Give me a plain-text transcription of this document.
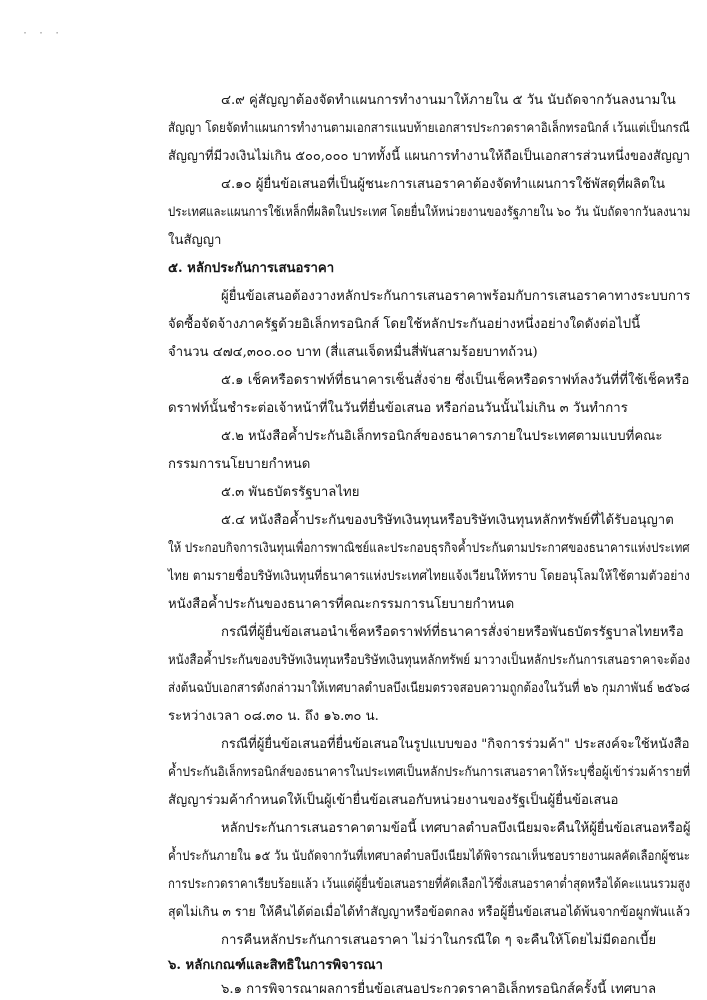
· · ·
๔.๙ คู่สัญญาต้องจัดทำแผนการทำงานมาให้ภายใน ๕ วัน นับถัดจากวันลงนามใน
สัญญา โดยจัดทำแผนการทำงานตามเอกสารแนบท้ายเอกสารประกวดราคาอิเล็กทรอนิกส์ เว้นแต่เป็นกรณี
สัญญาที่มีวงเงินไม่เกิน ๕๐๐,๐๐๐ บาททั้งนี้ แผนการทำงานให้ถือเป็นเอกสารส่วนหนึ่งของสัญญา
๔.๑๐ ผู้ยื่นข้อเสนอที่เป็นผู้ชนะการเสนอราคาต้องจัดทำแผนการใช้พัสดุที่ผลิตใน
ประเทศและแผนการใช้เหล็กที่ผลิตในประเทศ โดยยื่นให้หน่วยงานของรัฐภายใน ๖๐ วัน นับถัดจากวันลงนาม
ในสัญญา
๕. หลักประกันการเสนอราคา
ผู้ยื่นข้อเสนอต้องวางหลักประกันการเสนอราคาพร้อมกับการเสนอราคาทางระบบการ
จัดซื้อจัดจ้างภาครัฐด้วยอิเล็กทรอนิกส์ โดยใช้หลักประกันอย่างหนึ่งอย่างใดดังต่อไปนี้
จำนวน ๔๗๔,๓๐๐.๐๐ บาท (สี่แสนเจ็ดหมื่นสี่พันสามร้อยบาทถ้วน)
๕.๑ เช็คหรือดราฟท์ที่ธนาคารเซ็นสั่งจ่าย ซึ่งเป็นเช็คหรือดราฟท์ลงวันที่ที่ใช้เช็คหรือ
ดราฟท์นั้นชำระต่อเจ้าหน้าที่ในวันที่ยื่นข้อเสนอ หรือก่อนวันนั้นไม่เกิน ๓ วันทำการ
๕.๒ หนังสือค้ำประกันอิเล็กทรอนิกส์ของธนาคารภายในประเทศตามแบบที่คณะ
กรรมการนโยบายกำหนด
๕.๓ พันธบัตรรัฐบาลไทย
๕.๔ หนังสือค้ำประกันของบริษัทเงินทุนหรือบริษัทเงินทุนหลักทรัพย์ที่ได้รับอนุญาต
ให้ ประกอบกิจการเงินทุนเพื่อการพาณิชย์และประกอบธุรกิจค้ำประกันตามประกาศของธนาคารแห่งประเทศ
ไทย ตามรายชื่อบริษัทเงินทุนที่ธนาคารแห่งประเทศไทยแจ้งเวียนให้ทราบ โดยอนุโลมให้ใช้ตามตัวอย่าง
หนังสือค้ำประกันของธนาคารที่คณะกรรมการนโยบายกำหนด
กรณีที่ผู้ยื่นข้อเสนอนำเช็คหรือดราฟท์ที่ธนาคารสั่งจ่ายหรือพันธบัตรรัฐบาลไทยหรือ
หนังสือค้ำประกันของบริษัทเงินทุนหรือบริษัทเงินทุนหลักทรัพย์ มาวางเป็นหลักประกันการเสนอราคาจะต้อง
ส่งต้นฉบับเอกสารดังกล่าวมาให้เทศบาลตำบลบึงเนียมตรวจสอบความถูกต้องในวันที่ ๒๖ กุมภาพันธ์ ๒๕๖๘
ระหว่างเวลา ๐๘.๓๐ น. ถึง ๑๖.๓๐ น.
กรณีที่ผู้ยื่นข้อเสนอที่ยื่นข้อเสนอในรูปแบบของ "กิจการร่วมค้า" ประสงค์จะใช้หนังสือ
ค้ำประกันอิเล็กทรอนิกส์ของธนาคารในประเทศเป็นหลักประกันการเสนอราคาให้ระบุชื่อผู้เข้าร่วมค้ารายที่
สัญญาร่วมค้ากำหนดให้เป็นผู้เข้ายื่นข้อเสนอกับหน่วยงานของรัฐเป็นผู้ยื่นข้อเสนอ
หลักประกันการเสนอราคาตามข้อนี้ เทศบาลตำบลบึงเนียมจะคืนให้ผู้ยื่นข้อเสนอหรือผู้
ค้ำประกันภายใน ๑๕ วัน นับถัดจากวันที่เทศบาลตำบลบึงเนียมได้พิจารณาเห็นชอบรายงานผลคัดเลือกผู้ชนะ
การประกวดราคาเรียบร้อยแล้ว เว้นแต่ผู้ยื่นข้อเสนอรายที่คัดเลือกไว้ซึ่งเสนอราคาต่ำสุดหรือได้คะแนนรวมสูง
สุดไม่เกิน ๓ ราย ให้คืนได้ต่อเมื่อได้ทำสัญญาหรือข้อตกลง หรือผู้ยื่นข้อเสนอได้พ้นจากข้อผูกพันแล้ว
การคืนหลักประกันการเสนอราคา ไม่ว่าในกรณีใด ๆ จะคืนให้โดยไม่มีดอกเบี้ย
๖. หลักเกณฑ์และสิทธิในการพิจารณา
๖.๑ การพิจารณาผลการยื่นข้อเสนอประกวดราคาอิเล็กทรอนิกส์ครั้งนี้ เทศบาล
